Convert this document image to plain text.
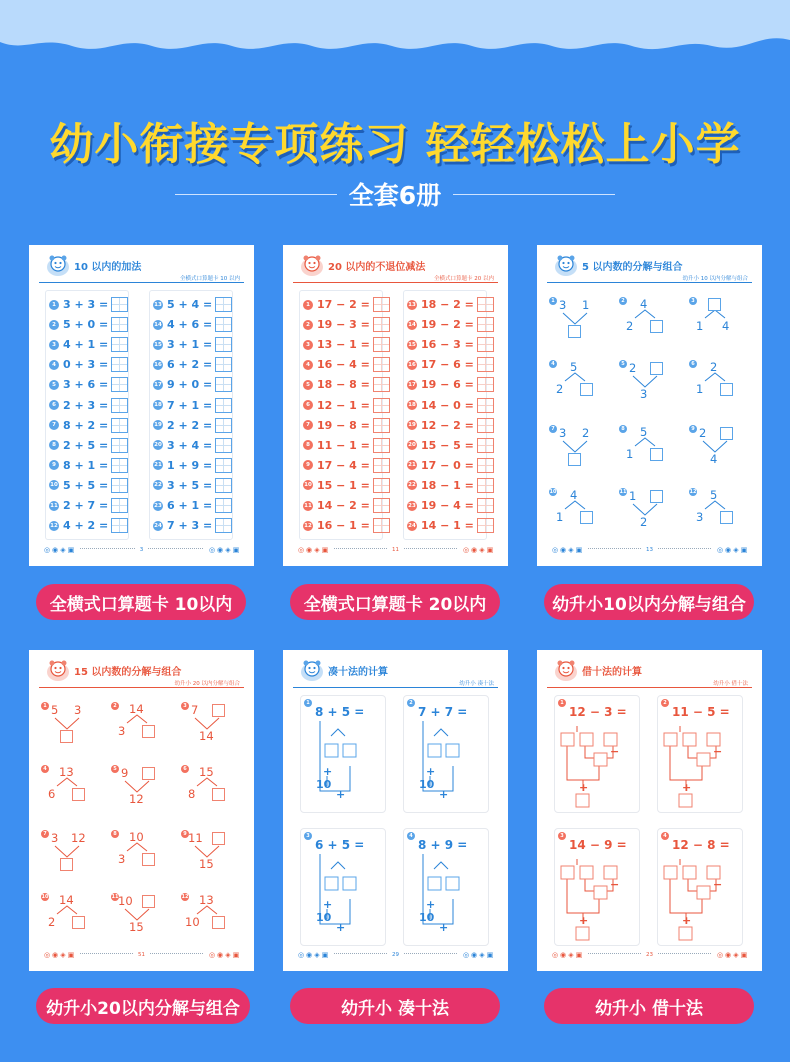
幼小衔接专项练习 轻轻松松上小学
全套6册
10 以内的加法
全横式口算题卡 10 以内
1 3 + 3 =
2 5 + 0 =
3 4 + 1 =
4 0 + 3 =
5 3 + 6 =
6 2 + 3 =
7 8 + 2 =
8 2 + 5 =
9 8 + 1 =
10 5 + 5 =
11 2 + 7 =
12 4 + 2 =
13 5 + 4 =
14 4 + 6 =
15 3 + 1 =
16 6 + 2 =
17 9 + 0 =
18 7 + 1 =
19 2 + 2 =
20 3 + 4 =
21 1 + 9 =
22 3 + 5 =
23 6 + 1 =
24 7 + 3 =
◎ ◉ ◈ ▣	3	◎ ◉ ◈ ▣
全横式口算题卡 10以内
20 以内的不退位减法
全横式口算题卡 20 以内
1 17 − 2 =
2 19 − 3 =
3 13 − 1 =
4 16 − 4 =
5 18 − 8 =
6 12 − 1 =
7 19 − 8 =
8 11 − 1 =
9 17 − 4 =
10 15 − 1 =
11 14 − 2 =
12 16 − 1 =
13 18 − 2 =
14 19 − 2 =
15 16 − 3 =
16 17 − 6 =
17 19 − 6 =
18 14 − 0 =
19 12 − 2 =
20 15 − 5 =
21 17 − 0 =
22 18 − 1 =
23 19 − 4 =
24 14 − 1 =
◎ ◉ ◈ ▣	11	◎ ◉ ◈ ▣
全横式口算题卡 20以内
5 以内数的分解与组合
幼升小 10 以内分解与组合
1 3 1	2 4
2
3
1 4
4 5
2
5 2
3
6 2
1
7 3 2	8 5
1
9 2
4
10 4
1
11 1
2
12 5
3
◎ ◉ ◈ ▣	13	◎ ◉ ◈ ▣
幼升小10以内分解与组合
15 以内数的分解与组合
幼升小 20 以内分解与组合
1 5 3	2 14
3
3 7
14
4 13
6
5 9
12
6 15
8
7 3 12	8 10
3
9 11
15
10 14
2
11 10
15
12 13
10
◎ ◉ ◈ ▣	51	◎ ◉ ◈ ▣
幼升小20以内分解与组合
凑十法的计算
幼升小 凑十法
1
8 + 5 =
+
10
+
2
7 + 7 =
+
10
+
3
6 + 5 =
+
10
+
4
8 + 9 =
+
10
+
◎ ◉ ◈ ▣	29	◎ ◉ ◈ ▣
幼升小 凑十法
借十法的计算
幼升小 借十法
1
12 − 3 =
−
+
2
11 − 5 =
−
+
3
14 − 9 =
−
+
4
12 − 8 =
−
+
◎ ◉ ◈ ▣	23	◎ ◉ ◈ ▣
幼升小 借十法
